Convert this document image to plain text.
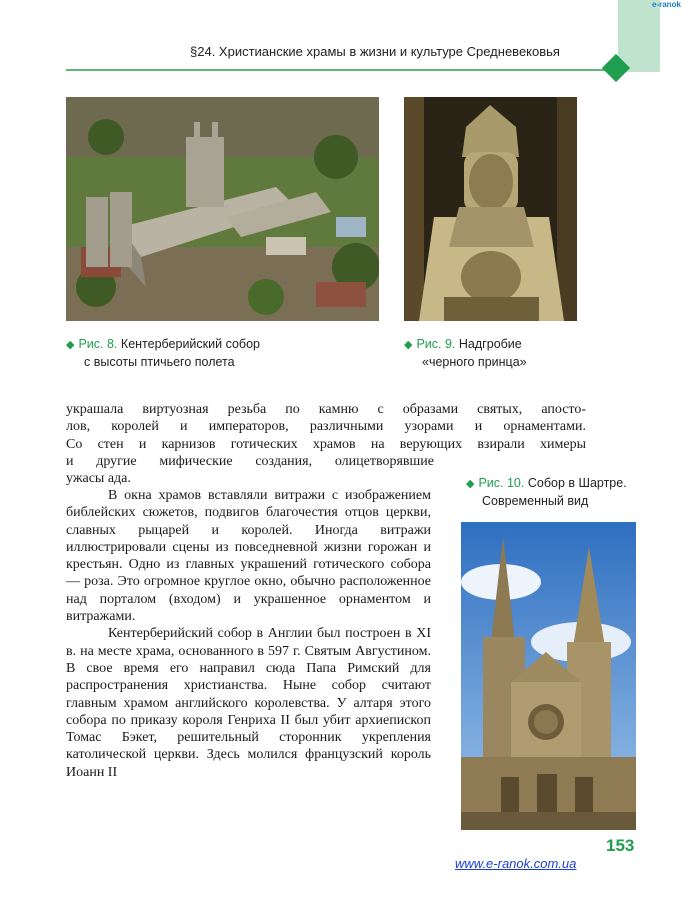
e-ranok
§24. Христианские храмы в жизни и культуре Средневековья
◆ Рис. 8. Кентерберийский собор
с высоты птичьего полета
◆ Рис. 9. Надгробие
«черного принца»
украшала виртуозная резьба по камню с образами святых, апосто-
лов, королей и императоров, различными узорами и орнаментами.
Со стен и карнизов готических храмов на верующих взирали химеры
и другие мифические создания, олицетворявшие
ужасы ада.	◆ Рис. 10. Собор в Шартре.
Современный вид

В окна храмов вставляли витражи с изображением библейских сюжетов, подвигов благочестия отцов церкви, славных рыцарей и королей. Иногда витражи иллюстрировали сцены из повседневной жизни горожан и крестьян. Одно из главных украшений готического собора — роза. Это огромное круглое окно, обычно расположенное над порталом (входом) и украшенное орнаментом и витражами.

Кентерберийский собор в Англии был построен в XI в. на месте храма, основанного в 597 г. Святым Августином. В свое время его направил сюда Папа Римский для распространения христианства. Ныне собор считают главным храмом английского королевства. У алтаря этого собора по приказу короля Генриха II был убит архиепископ Томас Бэкет, решительный сторонник укрепления католической церкви. Здесь молился французский король Иоанн II

153
www.e-ranok.com.ua
